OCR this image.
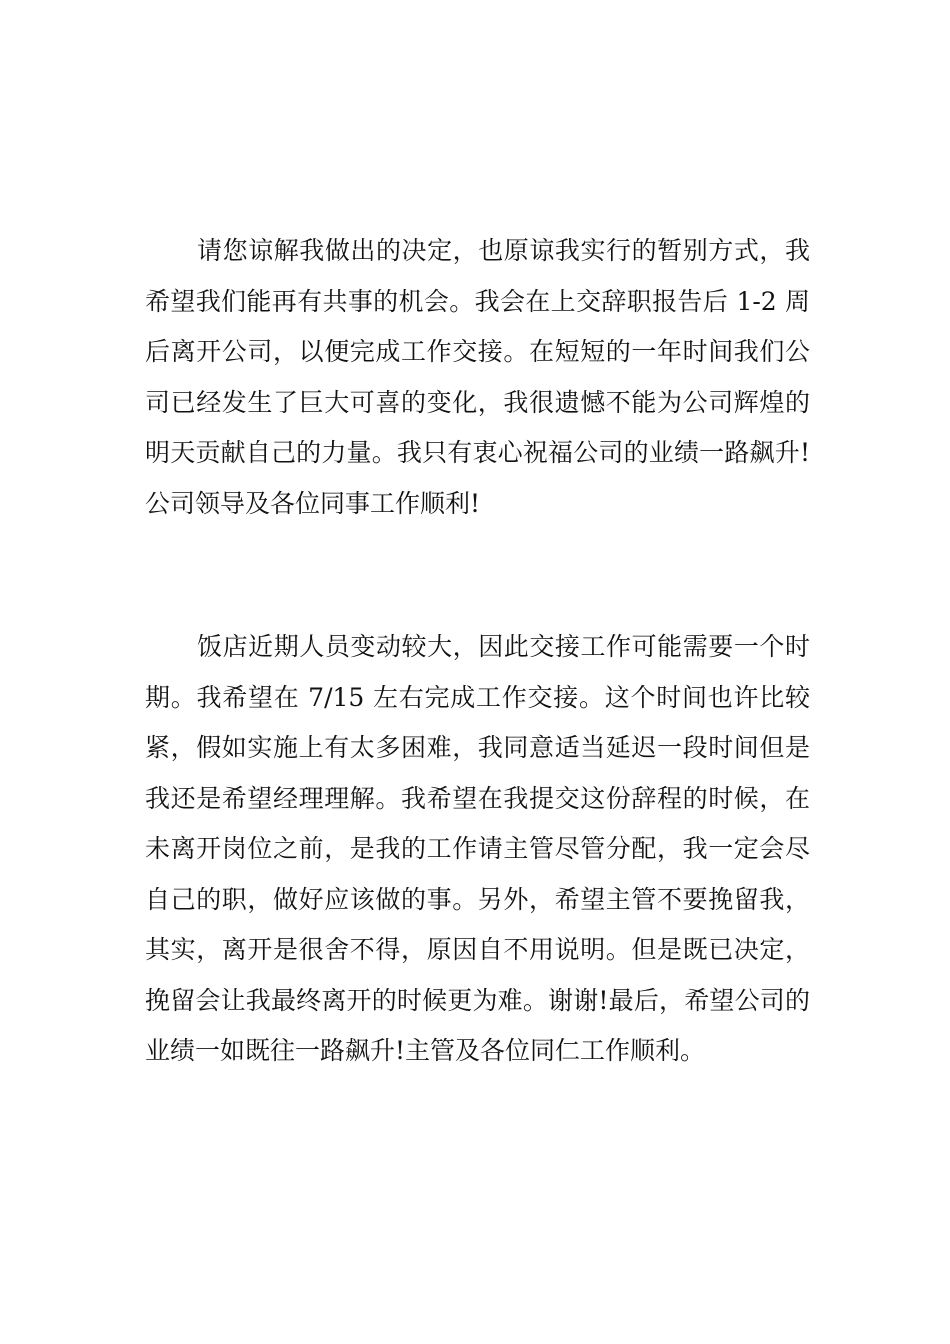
请您谅解我做出的决定，也原谅我实行的暂别方式，我希望我们能再有共事的机会。我会在上交辞职报告后 1-2 周后离开公司，以便完成工作交接。在短短的一年时间我们公司已经发生了巨大可喜的变化，我很遗憾不能为公司辉煌的明天贡献自己的力量。我只有衷心祝福公司的业绩一路飙升!公司领导及各位同事工作顺利!

饭店近期人员变动较大，因此交接工作可能需要一个时期。我希望在 7/15 左右完成工作交接。这个时间也许比较紧，假如实施上有太多困难，我同意适当延迟一段时间但是我还是希望经理理解。我希望在我提交这份辞程的时候，在未离开岗位之前，是我的工作请主管尽管分配，我一定会尽自己的职，做好应该做的事。另外，希望主管不要挽留我，其实，离开是很舍不得，原因自不用说明。但是既已决定，挽留会让我最终离开的时候更为难。谢谢!最后，希望公司的业绩一如既往一路飙升!主管及各位同仁工作顺利。
